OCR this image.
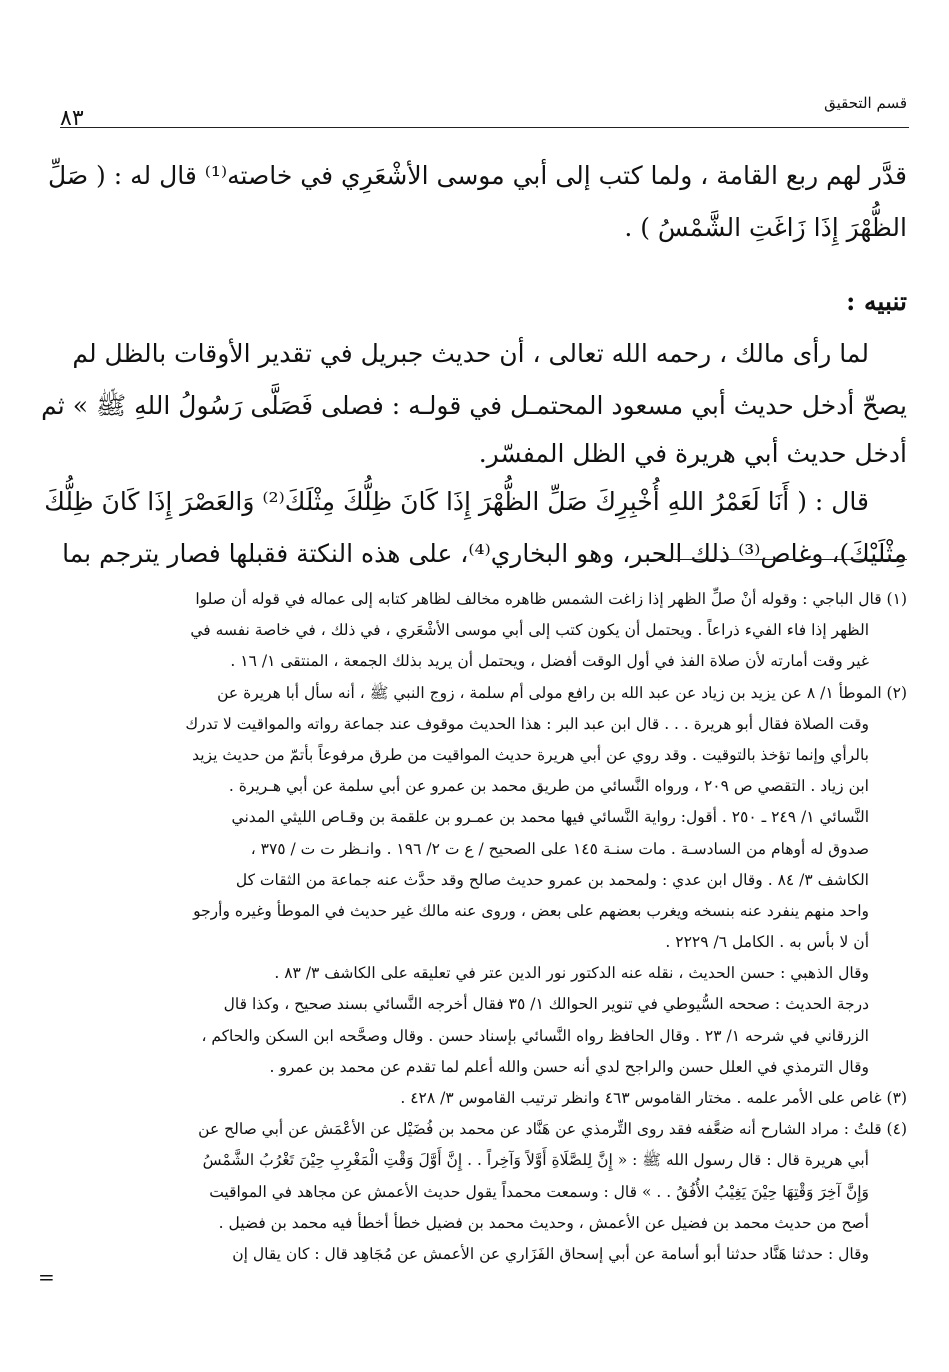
قسم التحقيق
٨٣
قدَّر لهم ربع القامة ، ولما كتب إلى أبي موسى الأشْعَرِي في خاصته⁽¹⁾ قال له : ( صَلِّ
الظُّهْرَ إِذَا زَاغَتِ الشَّمْسُ ) .
تنبيه :
لما رأى مالك ، رحمه الله تعالى ، أن حديث جبريل في تقدير الأوقات بالظل لم
يصحّ أدخل حديث أبي مسعود المحتمـل في قولـه : فصلى فَصَلَّى رَسُولُ اللهِ ﷺ » ثم
أدخل حديث أبي هريرة في الظل المفسّر.
قال : ( أَنَا لَعَمْرُ اللهِ أُخْبِرِكَ صَلِّ الظُّهْرَ إِذَا كَانَ ظِلُّكَ مِثْلَكَ⁽²⁾ وَالعَصْرَ إِذَا كَانَ ظِلُّكَ
مِثْلَيْكَ)، وغاص⁽³⁾ ذلك الحبر، وهو البخاري⁽⁴⁾، على هذه النكتة فقبلها فصار يترجم بما
(١) قال الباجي : وقوله أنْ صلِّ الظهر إذا زاغت الشمس ظاهره مخالف لظاهر كتابه إلى عماله في قوله أن صلوا
الظهر إذا فاء الفيء ذراعاً . ويحتمل أن يكون كتب إلى أبي موسى الأشْعَري ، في ذلك ، في خاصة نفسه في
غير وقت أمارته لأن صلاة الفذ في أول الوقت أفضل ، ويحتمل أن يريد بذلك الجمعة ، المنتقى ١/ ١٦ .
(٢) الموطأ ١/ ٨ عن يزيد بن زياد عن عبد الله بن رافع مولى أم سلمة ، زوج النبي ﷺ ، أنه سأل أبا هريرة عن
وقت الصلاة فقال أبو هريرة . . . قال ابن عبد البر : هذا الحديث موقوف عند جماعة رواته والمواقيت لا تدرك
بالرأي وإنما تؤخذ بالتوقيت . وقد روي عن أبي هريرة حديث المواقيت من طرق مرفوعاً بأتمّ من حديث يزيد
ابن زياد . التقصي ص ٢٠٩ ، ورواه النَّسائي من طريق محمد بن عمرو عن أبي سلمة عن أبي هـريرة .
النَّسائي ١/ ٢٤٩ ـ ٢٥٠ . أقول: رواية النَّسائي فيها محمد بن عمـرو بن علقمة بن وقـاص الليثي المدني
صدوق له أوهام من السادسـة . مات سنـة ١٤٥ على الصحيح / ع ت ٢/ ١٩٦ . وانـظر ت ت / ٣٧٥ ،
الكاشف ٣/ ٨٤ . وقال ابن عدي : ولمحمد بن عمرو حديث صالح وقد حدَّث عنه جماعة من الثقات كل
واحد منهم ينفرد عنه بنسخه ويغرب بعضهم على بعض ، وروى عنه مالك غير حديث في الموطأ وغيره وأرجو
أن لا بأس به . الكامل ٦/ ٢٢٢٩ .
وقال الذهبي : حسن الحديث ، نقله عنه الدكتور نور الدين عتر في تعليقه على الكاشف ٣/ ٨٣ .
درجة الحديث : صححه السُّيوطي في تنوير الحوالك ١/ ٣٥ فقال أخرجه النَّسائي بسند صحيح ، وكذا قال
الزرقاني في شرحه ١/ ٢٣ . وقال الحافظ رواه النَّسائي بإسناد حسن . وقال وصحَّحه ابن السكن والحاكم ،
وقال الترمذي في العلل حسن والراجح لدي أنه حسن والله أعلم لما تقدم عن محمد بن عمرو .
(٣) غاص على الأمر علمه . مختار القاموس ٤٦٣ وانظر ترتيب القاموس ٣/ ٤٢٨ .
(٤) قلتُ : مراد الشارح أنه ضعَّفه فقد روى التِّرمذي عن هَنَّاد عن محمد بن فُضَيْل عن الأعْمَش عن أبي صالح عن
أبي هريرة قال : قال رسول الله ﷺ : « إِنَّ لِلصَّلَاةِ أَوَّلاً وَآخِراً . . إِنَّ أَوَّلَ وَقْتِ الْمَغْرِبِ حِيْنَ تَغْرُبُ الشَّمْسُ
وَإِنَّ آخِرَ وَقْتِهَا حِيْنَ يَغِيْبُ الأُفُقُ . . » قال : وسمعت محمداً يقول حديث الأعمش عن مجاهد في المواقيت
أصح من حديث محمد بن فضيل عن الأعمش ، وحديث محمد بن فضيل خطأ أخطأ فيه محمد بن فضيل .
وقال : حدثنا هَنَّاد حدثنا أبو أسامة عن أبي إسحاق الفَزَاري عن الأعمش عن مُجَاهِد قال : كان يقال إن
=
